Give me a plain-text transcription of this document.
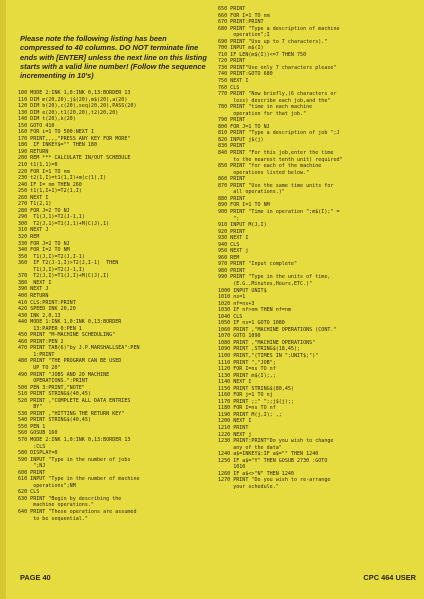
Please note the following listing has been compressed to 40 columns. DO NOT terminate line ends with [ENTER] unless the next line on this listing starts with a valid line number! (Follow the sequence incrementing in 10's)

100 MODE 2:INK 1,0:INK 0,13:BORDER 13
110 DIM m(20,20),j$(20),m$(20),a(20)
120 DIM b(20),c(20),seq(20,20),PASS(20)
130 DIM e(20),t1(20,20),t2(20,20)
140 DIM t(20),k(20)
150 GOTO 410
160 FOR i=1 TO 500:NEXT I
170 PRINT,,,,"PRESS ANY KEY FOR MORE"
180  IF INKEY$="" THEN 180
190 RETURN
200 REM *** CALCULATE IN/OUT SCHEDULE
210 t1(1,1)=0
220 FOR I=1 TO nm
230 t2(1,I)=t1(1,I)+m(c(1),I)
240 IF I= nm THEN 260
250 t1(1,I+1)=T2(1,I)
260 NEXT I
270 T1(2,1)
280 FOR J=2 TO NJ
290  T1(J,1)=T2(J-1,1)
300  T2(J,1)=T1(J,1)+M(C(J),1)
310 NEXT J
320 REM
330 FOR J=2 TO NJ
340 FOR I=2 TO NM
350  T1(J,I)=T2(J,I-1)
360  IF T2(J-1,I)>T2(J,I-1)  THEN
T1(J,I)=T2(J-1,I)
370  T2(J,I)=T1(J,I)+M(C(J),I)
380  NEXT I
390 NEXT J
400 RETURN
410 CLS:PRINT:PRINT
420 SPEED INK 20,20
430 INK 2,0,13
440 MODE 1:INK 1,0:INK 0,13:BORDER
13:PAPER 0:PEN 1
450 PRINT "M-MACHINE SCHEDULING"
460 PRINT:PEN 2
470 PRINT TAB(6)"by J.P.MARSHALLSEA":PEN
1:PRINT
480 PRINT "THE PROGRAM CAN BE USED
UP TO 20"
490 PRINT "JOBS AND 20 MACHINE
OPERATIONS.":PRINT
500 PEN 3:PRINT,"NOTE"
510 PRINT STRING$(40,45)
520 PRINT ,"COMPLETE ALL DATA ENTRIES
BY"
530 PRINT ,"HITTING THE RETURN KEY"
540 PRINT STRING$(40,45)
550 PEN 1
560 GOSUB 160
570 MODE 2:INK 1,0:INK 0,13:BORDER 13
:CLS
580 DISPLAY=0
590 INPUT "Type in the number of jobs
";NJ
600 PRINT
610 INPUT "Type in the number of machine
operations";NM
620 CLS
630 PRINT "Begin by describing the
machine operations."
640 PRINT "These operations are assumed
to be sequential."
650 PRINT
660 FOR I=1 TO nm
670 PRINT:PRINT
680 PRINT "Type a description of machine
operation";I
690 PRINT "Use up to 7 characters)."
700 INPUT m$(I)
710 IF LEN(m$(I))<=7 THEN 750
720 PRINT
730 PRINT"Use only 7 characters please"
740 PRINT:GOTO 680
750 NEXT I
760 CLS
770 PRINT "Now briefly,(6 characters or
less) describe each job,and the"
780 PRINT "time in each machine
operation for that job."
790 PRINT
800 FOR J=1 TO NJ
810 PRINT "Type a description of job ";J
820 INPUT j$(j)
830 PRINT
840 PRINT "For this job,enter the time
to the nearest tenth unit) required"
850 PRINT "for each of the machine
operations listed below."
860 PRINT
870 PRINT "Use the same time units for
all operations.)"
880 PRINT
890 FOR I=1 TO NM
900 PRINT "Time in operation ";m$(I);" =
";
910 INPUT M(J,I)
920 PRINT
930 NEXT I
940 CLS
950 NEXT j
960 REM
970 PRINT "Input complete"
980 PRINT
990 PRINT "Type in the units of time,
(E.G.,Minutes,Hours,ETC.)"
1000 INPUT UNIT$
1010 ns=1
1020 nf=ns+3
1030 IF nf>nm THEN nf=nm
1040 CLS
1050 IF ns=1 GOTO 1080
1060 PRINT ,"MACHINE OPERATIONS (CONT."
1070 GOTO 1090
1080 PRINT ,"MACHINE OPERATIONS"
1090 PRINT ,STRING$(18,45);
1100 PRINT,"(TIMES IN ";UNIT$;")"
1110 PRINT ","JOB";
1120 FOR I=ns TO nf
1130 PRINT m$(I);,;
1140 NEXT I
1150 PRINT STRING$(80,45)
1160 FOR j=1 TO nj
1170 PRINT ;;" ";;j$(j);;
1180 FOR I=ns TO nf
1190 PRINT M(j,I); ,;
1200 NEXT I
1210 PRINT
1220 NEXT j
1230 PRINT:PRINT"Do you wish to change
any of the data"
1240 a$=INKEY$:IF a$="" THEN 1240
1250 IF a$="Y" THEN GOSUB 2730 :GOTO
1010
1260 IF a$<>"N" THEN 1240
1270 PRINT "Do you wish to re-arrange
your schedule."
PAGE 40	CPC 464 USER
